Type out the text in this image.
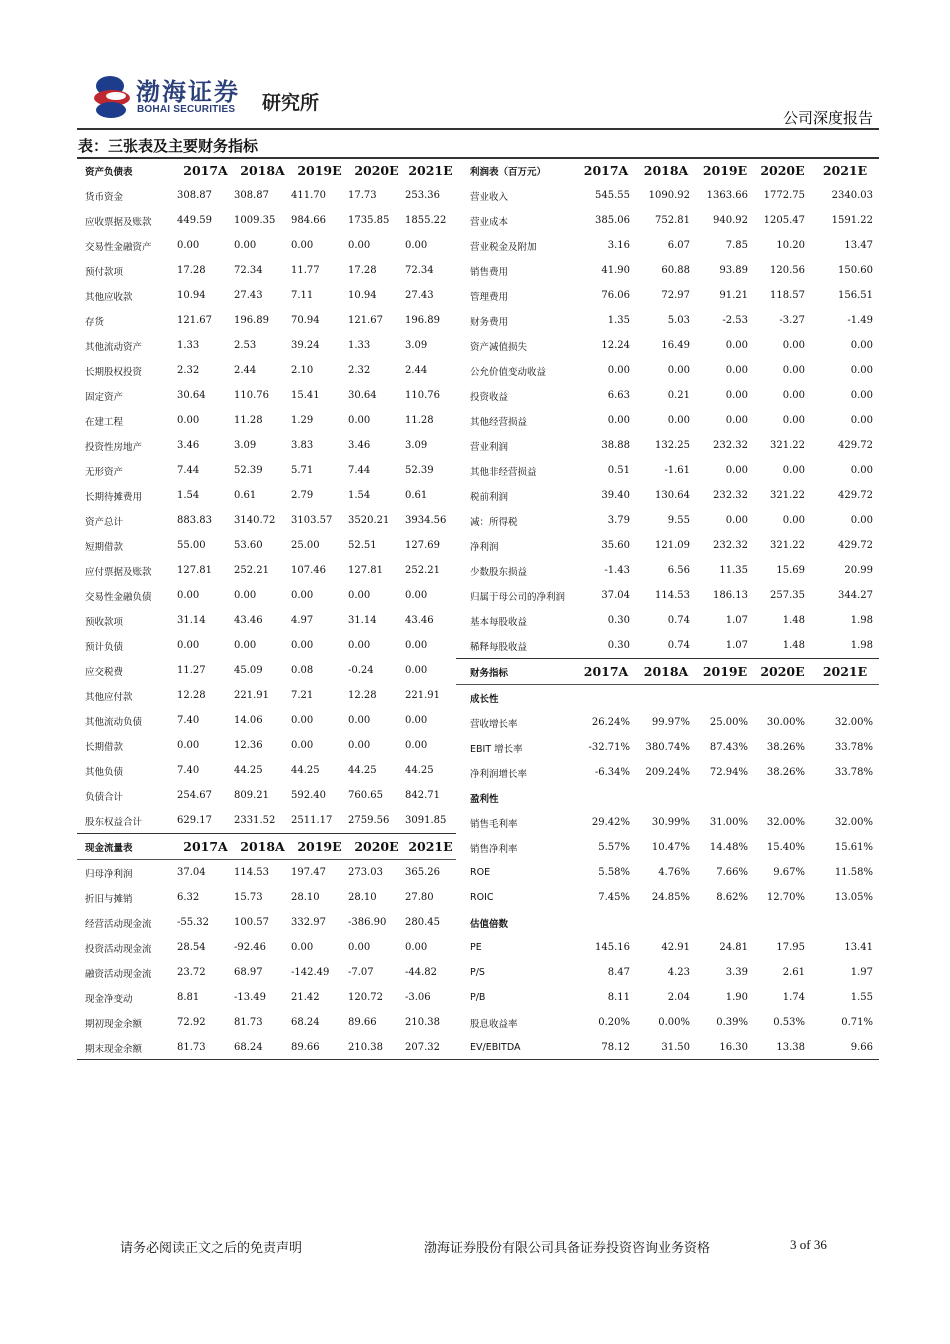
渤海证券
BOHAI SECURITIES 研究所
公司深度报告
表：三张表及主要财务指标
资产负债表	2017A	2018A	2019E	2020E	2021E
货币资金	308.87	308.87	411.70	17.73	253.36
应收票据及账款	449.59	1009.35	984.66	1735.85	1855.22
交易性金融资产	0.00	0.00	0.00	0.00	0.00
预付款项	17.28	72.34	11.77	17.28	72.34
其他应收款	10.94	27.43	7.11	10.94	27.43
存货	121.67	196.89	70.94	121.67	196.89
其他流动资产	1.33	2.53	39.24	1.33	3.09
长期股权投资	2.32	2.44	2.10	2.32	2.44
固定资产	30.64	110.76	15.41	30.64	110.76
在建工程	0.00	11.28	1.29	0.00	11.28
投资性房地产	3.46	3.09	3.83	3.46	3.09
无形资产	7.44	52.39	5.71	7.44	52.39
长期待摊费用	1.54	0.61	2.79	1.54	0.61
资产总计	883.83	3140.72	3103.57	3520.21	3934.56
短期借款	55.00	53.60	25.00	52.51	127.69
应付票据及账款	127.81	252.21	107.46	127.81	252.21
交易性金融负债	0.00	0.00	0.00	0.00	0.00
预收款项	31.14	43.46	4.97	31.14	43.46
预计负债	0.00	0.00	0.00	0.00	0.00
应交税费	11.27	45.09	0.08	-0.24	0.00
其他应付款	12.28	221.91	7.21	12.28	221.91
其他流动负债	7.40	14.06	0.00	0.00	0.00
长期借款	0.00	12.36	0.00	0.00	0.00
其他负债	7.40	44.25	44.25	44.25	44.25
负债合计	254.67	809.21	592.40	760.65	842.71
股东权益合计	629.17	2331.52	2511.17	2759.56	3091.85
现金流量表	2017A	2018A	2019E	2020E	2021E
归母净利润	37.04	114.53	197.47	273.03	365.26
折旧与摊销	6.32	15.73	28.10	28.10	27.80
经营活动现金流	-55.32	100.57	332.97	-386.90	280.45
投资活动现金流	28.54	-92.46	0.00	0.00	0.00
融资活动现金流	23.72	68.97	-142.49	-7.07	-44.82
现金净变动	8.81	-13.49	21.42	120.72	-3.06
期初现金余额	72.92	81.73	68.24	89.66	210.38
期末现金余额	81.73	68.24	89.66	210.38	207.32
利润表（百万元）	2017A	2018A	2019E	2020E	2021E
营业收入	545.55	1090.92	1363.66	1772.75	2340.03
营业成本	385.06	752.81	940.92	1205.47	1591.22
营业税金及附加	3.16	6.07	7.85	10.20	13.47
销售费用	41.90	60.88	93.89	120.56	150.60
管理费用	76.06	72.97	91.21	118.57	156.51
财务费用	1.35	5.03	-2.53	-3.27	-1.49
资产减值损失	12.24	16.49	0.00	0.00	0.00
公允价值变动收益	0.00	0.00	0.00	0.00	0.00
投资收益	6.63	0.21	0.00	0.00	0.00
其他经营损益	0.00	0.00	0.00	0.00	0.00
营业利润	38.88	132.25	232.32	321.22	429.72
其他非经营损益	0.51	-1.61	0.00	0.00	0.00
税前利润	39.40	130.64	232.32	321.22	429.72
减：所得税	3.79	9.55	0.00	0.00	0.00
净利润	35.60	121.09	232.32	321.22	429.72
少数股东损益	-1.43	6.56	11.35	15.69	20.99
归属于母公司的净利润	37.04	114.53	186.13	257.35	344.27
基本每股收益	0.30	0.74	1.07	1.48	1.98
稀释每股收益	0.30	0.74	1.07	1.48	1.98
财务指标	2017A	2018A	2019E	2020E	2021E
成长性					
营收增长率	26.24%	99.97%	25.00%	30.00%	32.00%
EBIT 增长率	-32.71%	380.74%	87.43%	38.26%	33.78%
净利润增长率	-6.34%	209.24%	72.94%	38.26%	33.78%
盈利性					
销售毛利率	29.42%	30.99%	31.00%	32.00%	32.00%
销售净利率	5.57%	10.47%	14.48%	15.40%	15.61%
ROE	5.58%	4.76%	7.66%	9.67%	11.58%
ROIC	7.45%	24.85%	8.62%	12.70%	13.05%
估值倍数					
PE	145.16	42.91	24.81	17.95	13.41
P/S	8.47	4.23	3.39	2.61	1.97
P/B	8.11	2.04	1.90	1.74	1.55
股息收益率	0.20%	0.00%	0.39%	0.53%	0.71%
EV/EBITDA	78.12	31.50	16.30	13.38	9.66
请务必阅读正文之后的免责声明	渤海证券股份有限公司具备证券投资咨询业务资格	3 of 36
